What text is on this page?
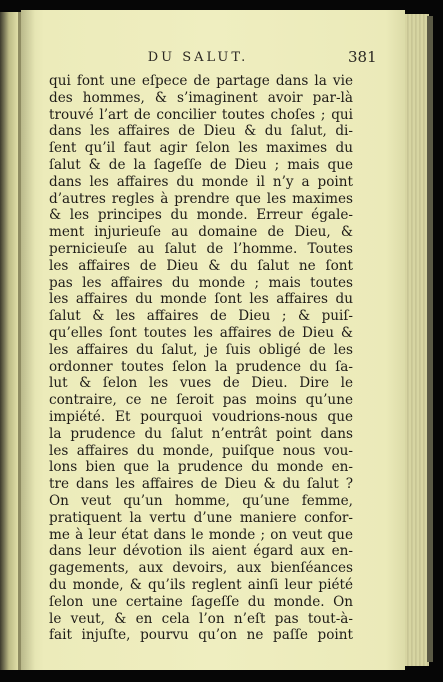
DU SALUT.	381
qui font une eſpece de partage dans la vie
des hommes, & s’imaginent avoir par-là
trouvé l’art de concilier toutes choſes ; qui
dans les affaires de Dieu & du ſalut, di-
ſent qu’il faut agir ſelon les maximes du
ſalut & de la ſageſſe de Dieu ; mais que
dans les affaires du monde il n’y a point
d’autres regles à prendre que les maximes
& les principes du monde. Erreur égale-
ment injurieuſe au domaine de Dieu, &
pernicieuſe au ſalut de l’homme. Toutes
les affaires de Dieu & du ſalut ne ſont
pas les affaires du monde ; mais toutes
les affaires du monde ſont les affaires du
ſalut & les affaires de Dieu ; & puiſ-
qu’elles ſont toutes les affaires de Dieu &
les affaires du ſalut, je ſuis obligé de les
ordonner toutes ſelon la prudence du ſa-
lut & ſelon les vues de Dieu. Dire le
contraire, ce ne ſeroit pas moins qu’une
impiété. Et pourquoi voudrions-nous que
la prudence du ſalut n’entrât point dans
les affaires du monde, puiſque nous vou-
lons bien que la prudence du monde en-
tre dans les affaires de Dieu & du ſalut ?
On veut qu’un homme, qu’une femme,
pratiquent la vertu d’une maniere confor-
me à leur état dans le monde ; on veut que
dans leur dévotion ils aient égard aux en-
gagements, aux devoirs, aux bienſéances
du monde, & qu’ils reglent ainſi leur piété
ſelon une certaine ſageſſe du monde. On
le veut, & en cela l’on n’eſt pas tout-à-
fait injuſte, pourvu qu’on ne paſſe point
